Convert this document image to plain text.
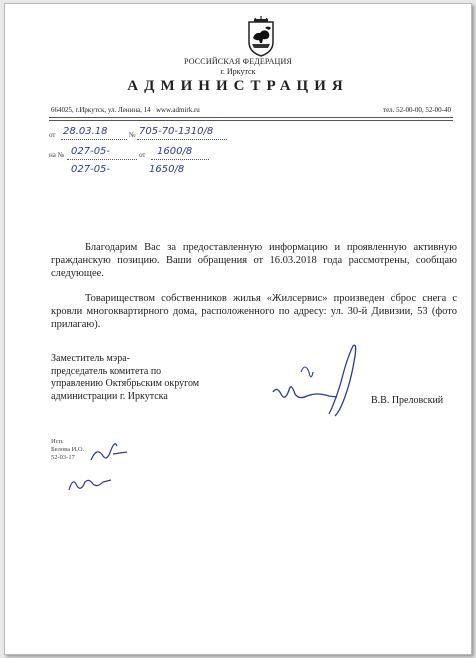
РОССИЙСКАЯ ФЕДЕРАЦИЯ
г. Иркутск
АДМИНИСТРАЦИЯ
664025, г.Иркутск, ул. Ленина, 14 www.admirk.ru	тел. 52-00-00, 52-00-40
от 28.03.18	№ 705-70-1310/8
на № 027-05-	от 1600/8
027-05-	1650/8
Благодарим Вас за предоставленную информацию и проявленную активную гражданскую позицию. Ваши обращения от 16.03.2018 года рассмотрены, сообщаю следующее.
Товариществом собственников жилья «Жилсервис» произведен сброс снега с кровли многоквартирного дома, расположенного по адресу: ул. 30-й Дивизии, 53 (фото прилагаю).
Заместитель мэра-
председатель комитета по
управлению Октябрьским округом
администрации г. Иркутска	В.В. Преловский
Исп.
Белова И.О.
52-03-17
